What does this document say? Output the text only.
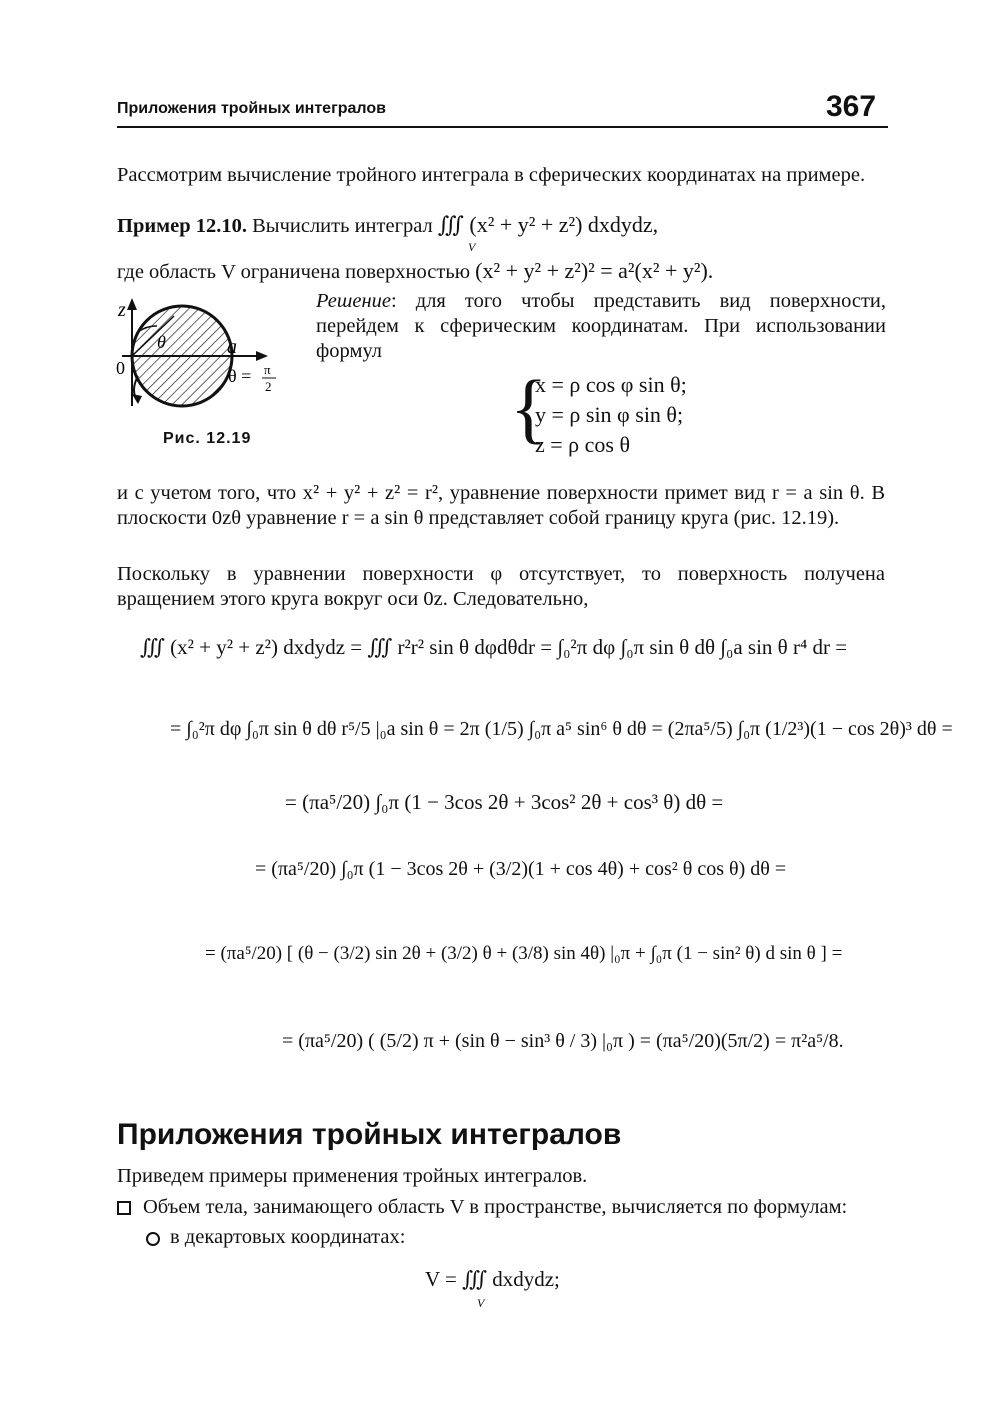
Приложения тройных интегралов	367
Рассмотрим вычисление тройного интеграла в сферических координатах на примере.
Пример 12.10. Вычислить интеграл ∭ (x² + y² + z²) dxdydz,
V
где область V ограничена поверхностью (x² + y² + z²)² = a²(x² + y²).
z
θ	a
0	θ = π
2
Рис. 12.19
Решение: для того чтобы представить вид поверхности, перейдем к сферическим координатам. При использовании формул
{
x = ρ cos φ sin θ;
y = ρ sin φ sin θ;
z = ρ cos θ
и с учетом того, что x² + y² + z² = r², уравнение поверхности примет вид r = a sin θ. В плоскости 0zθ уравнение r = a sin θ представляет собой границу круга (рис. 12.19).
Поскольку в уравнении поверхности φ отсутствует, то поверхность получена вращением этого круга вокруг оси 0z. Следовательно,
∭ (x² + y² + z²) dxdydz = ∭ r²r² sin θ dφdθdr = ∫₀²π dφ ∫₀π sin θ dθ ∫₀a sin θ r⁴ dr =
= ∫₀²π dφ ∫₀π sin θ dθ r⁵/5 |₀a sin θ = 2π (1/5) ∫₀π a⁵ sin⁶ θ dθ = (2πa⁵/5) ∫₀π (1/2³)(1 − cos 2θ)³ dθ =
= (πa⁵/20) ∫₀π (1 − 3cos 2θ + 3cos² 2θ + cos³ θ) dθ =
= (πa⁵/20) ∫₀π (1 − 3cos 2θ + (3/2)(1 + cos 4θ) + cos² θ cos θ) dθ =
= (πa⁵/20) [ (θ − (3/2) sin 2θ + (3/2) θ + (3/8) sin 4θ) |₀π + ∫₀π (1 − sin² θ) d sin θ ] =
= (πa⁵/20) ( (5/2) π + (sin θ − sin³ θ / 3) |₀π ) = (πa⁵/20)(5π/2) = π²a⁵/8.
Приложения тройных интегралов
Приведем примеры применения тройных интегралов.
Объем тела, занимающего область V в пространстве, вычисляется по формулам:
в декартовых координатах:
V = ∭ dxdydz;
V
